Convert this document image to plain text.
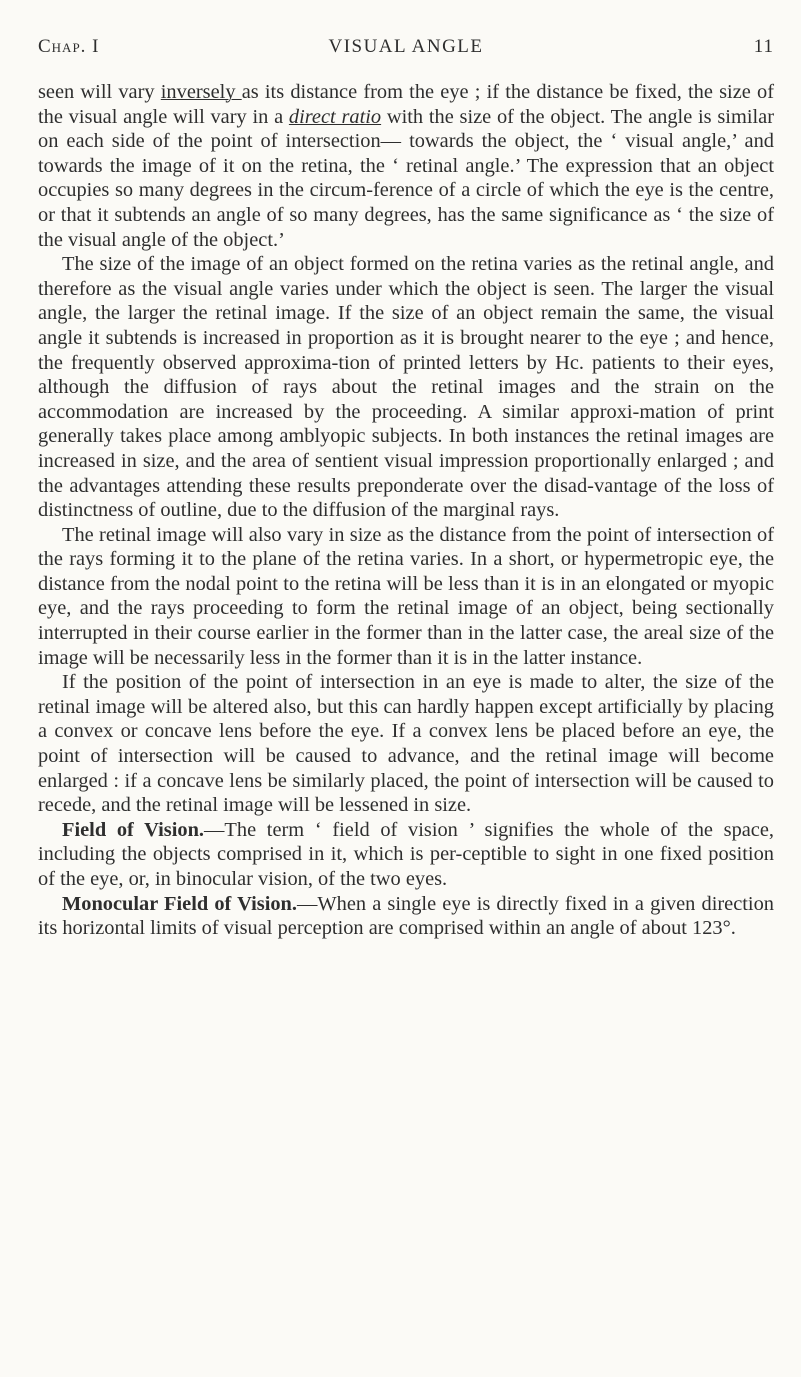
Chap. I	VISUAL ANGLE	11

seen will vary inversely as its distance from the eye ; if the distance be fixed, the size of the visual angle will vary in a direct ratio with the size of the object. The angle is similar on each side of the point of intersection— towards the object, the ‘ visual angle,’ and towards the image of it on the retina, the ‘ retinal angle.’ The expression that an object occupies so many degrees in the circum-ference of a circle of which the eye is the centre, or that it subtends an angle of so many degrees, has the same significance as ‘ the size of the visual angle of the object.’

The size of the image of an object formed on the retina varies as the retinal angle, and therefore as the visual angle varies under which the object is seen. The larger the visual angle, the larger the retinal image. If the size of an object remain the same, the visual angle it subtends is increased in proportion as it is brought nearer to the eye ; and hence, the frequently observed approxima-tion of printed letters by Hc. patients to their eyes, although the diffusion of rays about the retinal images and the strain on the accommodation are increased by the proceeding. A similar approxi-mation of print generally takes place among amblyopic subjects. In both instances the retinal images are increased in size, and the area of sentient visual impression proportionally enlarged ; and the advantages attending these results preponderate over the disad-vantage of the loss of distinctness of outline, due to the diffusion of the marginal rays.

The retinal image will also vary in size as the distance from the point of intersection of the rays forming it to the plane of the retina varies. In a short, or hypermetropic eye, the distance from the nodal point to the retina will be less than it is in an elongated or myopic eye, and the rays proceeding to form the retinal image of an object, being sectionally interrupted in their course earlier in the former than in the latter case, the areal size of the image will be necessarily less in the former than it is in the latter instance.

If the position of the point of intersection in an eye is made to alter, the size of the retinal image will be altered also, but this can hardly happen except artificially by placing a convex or concave lens before the eye. If a convex lens be placed before an eye, the point of intersection will be caused to advance, and the retinal image will become enlarged : if a concave lens be similarly placed, the point of intersection will be caused to recede, and the retinal image will be lessened in size.

Field of Vision.—The term ‘ field of vision ’ signifies the whole of the space, including the objects comprised in it, which is per-ceptible to sight in one fixed position of the eye, or, in binocular vision, of the two eyes.

Monocular Field of Vision.—When a single eye is directly fixed in a given direction its horizontal limits of visual perception are comprised within an angle of about 123°.
